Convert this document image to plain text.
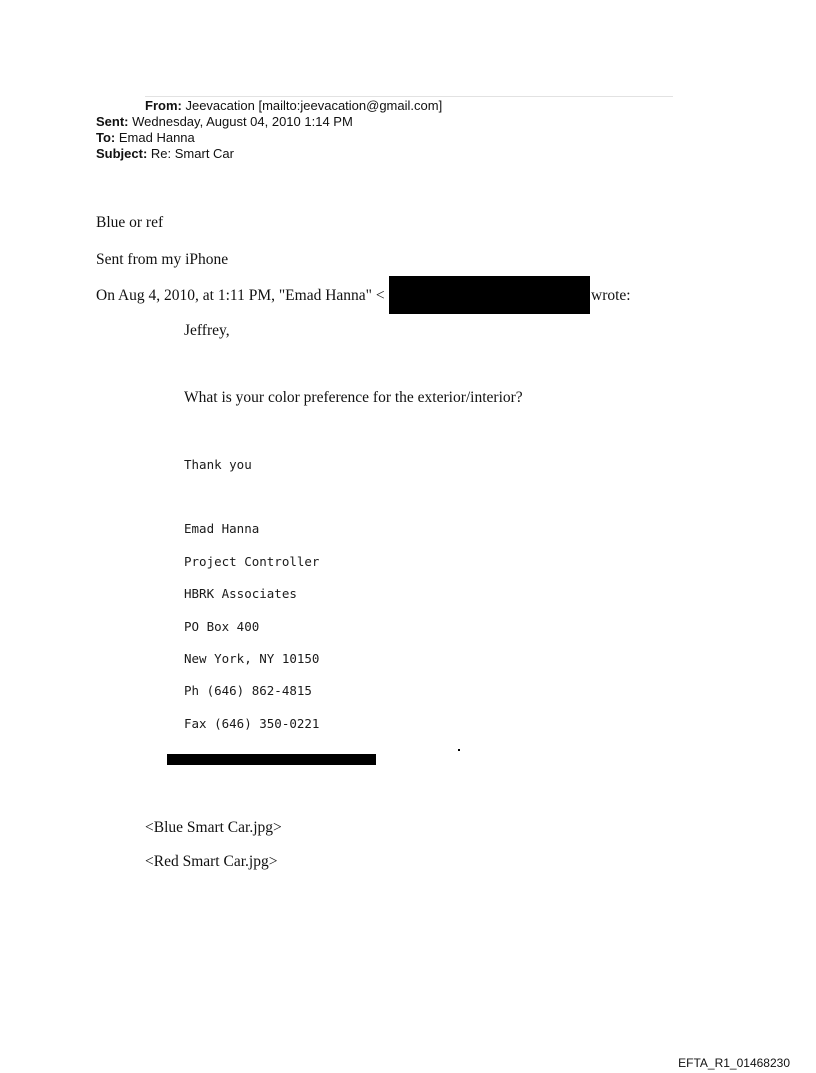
From: Jeevacation [mailto:jeevacation@gmail.com]
Sent: Wednesday, August 04, 2010 1:14 PM
To: Emad Hanna
Subject: Re: Smart Car
Blue or ref
Sent from my iPhone
On Aug 4, 2010, at 1:11 PM, "Emad Hanna" <	wrote:
Jeffrey,
What is your color preference for the exterior/interior?
Thank you
Emad Hanna
Project Controller
HBRK Associates
PO Box 400
New York, NY 10150
Ph (646) 862-4815
Fax (646) 350-0221
<Blue Smart Car.jpg>
<Red Smart Car.jpg>
EFTA_R1_01468230
